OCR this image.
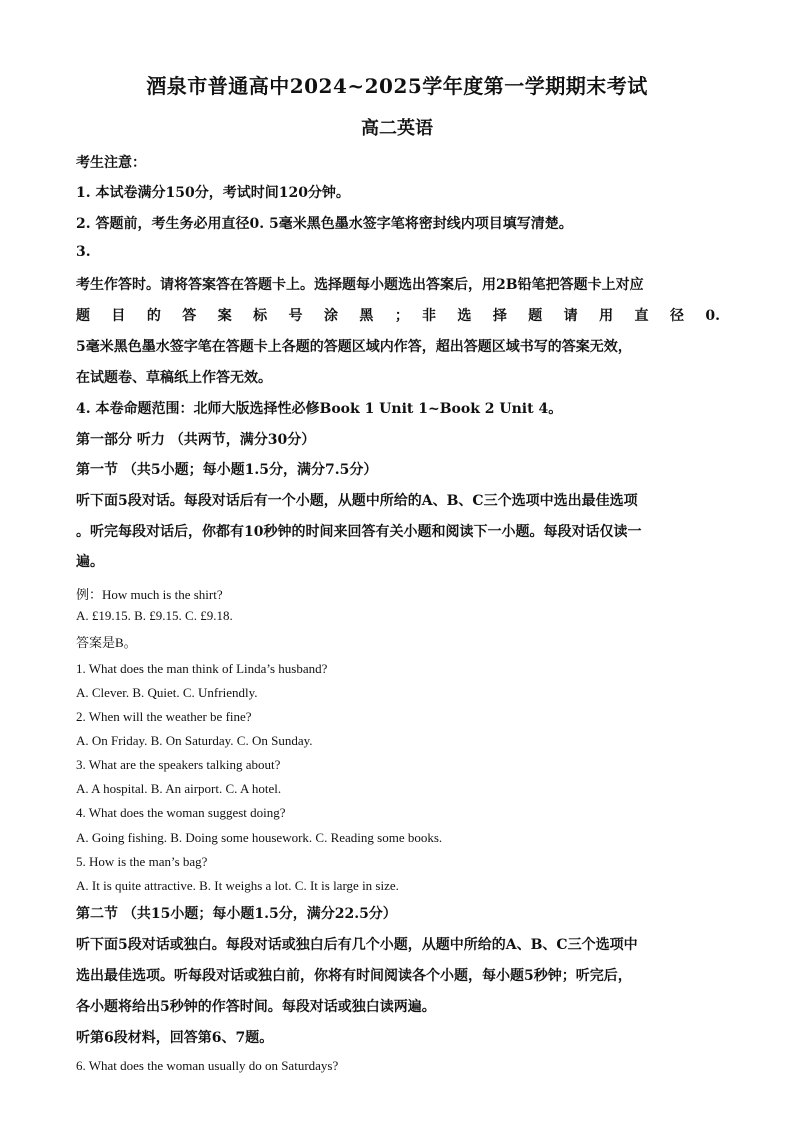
酒泉市普通高中2024~2025学年度第一学期期末考试
高二英语
考生注意：
1. 本试卷满分150分，考试时间120分钟。
2. 答题前，考生务必用直径0. 5毫米黑色墨水签字笔将密封线内项目填写清楚。
3.
考生作答时。请将答案答在答题卡上。选择题每小题选出答案后，用2B铅笔把答题卡上对应
题 目 的 答 案 标 号 涂 黑 ； 非 选 择 题 请 用 直 径 0.
5毫米黑色墨水签字笔在答题卡上各题的答题区域内作答，超出答题区域书写的答案无效，
在试题卷、草稿纸上作答无效。
4. 本卷命题范围：北师大版选择性必修Book 1 Unit 1~Book 2 Unit 4。
第一部分 听力 （共两节，满分30分）
第一节 （共5小题；每小题1.5分，满分7.5分）
听下面5段对话。每段对话后有一个小题，从题中所给的A、B、C三个选项中选出最佳选项
。听完每段对话后，你都有10秒钟的时间来回答有关小题和阅读下一小题。每段对话仅读一
遍。
例：How much is the shirt?
A. £19.15. B. £9.15. C. £9.18.
答案是B。
1. What does the man think of Linda’s husband?
A. Clever. B. Quiet. C. Unfriendly.
2. When will the weather be fine?
A. On Friday. B. On Saturday. C. On Sunday.
3. What are the speakers talking about?
A. A hospital. B. An airport. C. A hotel.
4. What does the woman suggest doing?
A. Going fishing. B. Doing some housework. C. Reading some books.
5. How is the man’s bag?
A. It is quite attractive. B. It weighs a lot. C. It is large in size.
第二节 （共15小题；每小题1.5分，满分22.5分）
听下面5段对话或独白。每段对话或独白后有几个小题，从题中所给的A、B、C三个选项中
选出最佳选项。听每段对话或独白前，你将有时间阅读各个小题，每小题5秒钟；听完后，
各小题将给出5秒钟的作答时间。每段对话或独白读两遍。
听第6段材料，回答第6、7题。
6. What does the woman usually do on Saturdays?
